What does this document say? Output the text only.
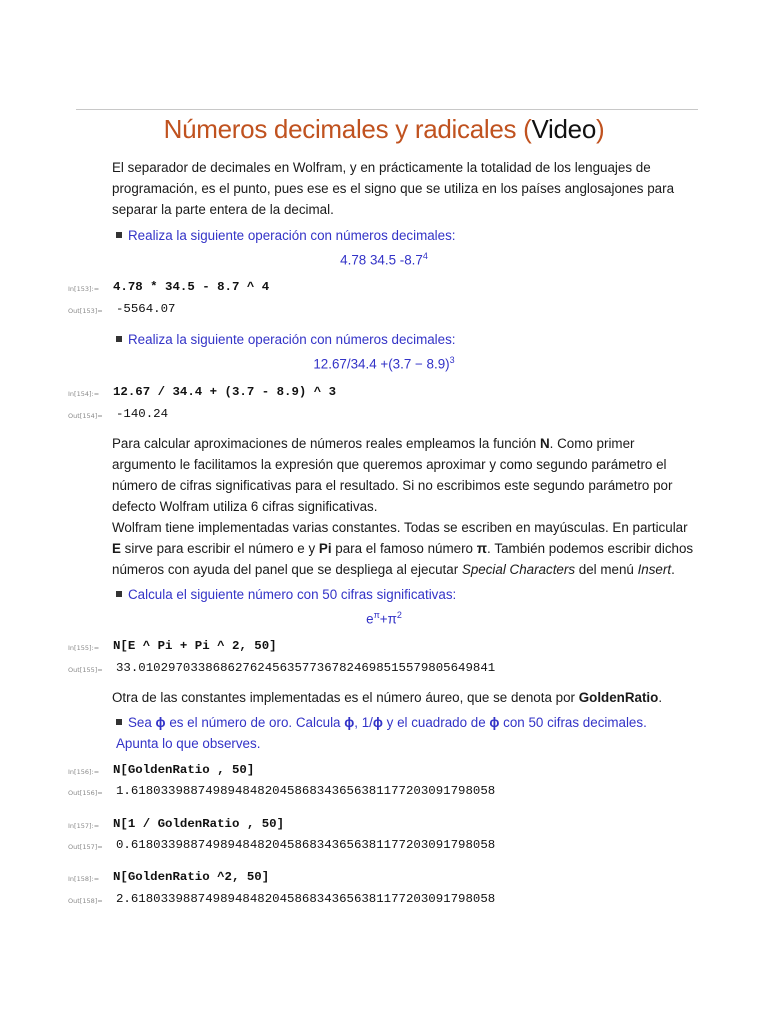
Números decimales y radicales (Video)
El separador de decimales en Wolfram, y en prácticamente la totalidad de los lenguajes de programación, es el punto, pues ese es el signo que se utiliza en los países anglosajones para separar la parte entera de la decimal.
Realiza la siguiente operación con números decimales:
4.78 34.5 $-8.7^4$
In[153]:= 4.78 * 34.5 - 8.7 ^ 4
Out[153]= -5564.07
Realiza la siguiente operación con números decimales:
$12.67/34.4 +(3.7 - 8.9)^3$
In[154]:= 12.67 / 34.4 + (3.7 - 8.9) ^ 3
Out[154]= -140.24
Para calcular aproximaciones de números reales empleamos la función N. Como primer argumento le facilitamos la expresión que queremos aproximar y como segundo parámetro el número de cifras significativas para el resultado. Si no escribimos este segundo parámetro por defecto Wolfram utiliza 6 cifras significativas.
Wolfram tiene implementadas varias constantes. Todas se escriben en mayúsculas. En particular E sirve para escribir el número e y Pi para el famoso número π. También podemos escribir dichos números con ayuda del panel que se despliega al ejecutar Special Characters del menú Insert.
Calcula el siguiente número con 50 cifras significativas:
$e^\pi+\pi^2$
In[155]:= N[E ^ Pi + Pi ^ 2, 50]
Out[155]= 33.010297033868627624563577367824698515579805649841
Otra de las constantes implementadas es el número áureo, que se denota por GoldenRatio.
Sea ϕ es el número de oro. Calcula ϕ, 1/ϕ y el cuadrado de ϕ con 50 cifras decimales. Apunta lo que observes.
In[156]:= N[GoldenRatio , 50]
Out[156]= 1.6180339887498948482045868343656381177203091798058
In[157]:= N[1 / GoldenRatio , 50]
Out[157]= 0.6180339887498948482045868343656381177203091798058
In[158]:= N[GoldenRatio ^2, 50]
Out[158]= 2.6180339887498948482045868343656381177203091798058
